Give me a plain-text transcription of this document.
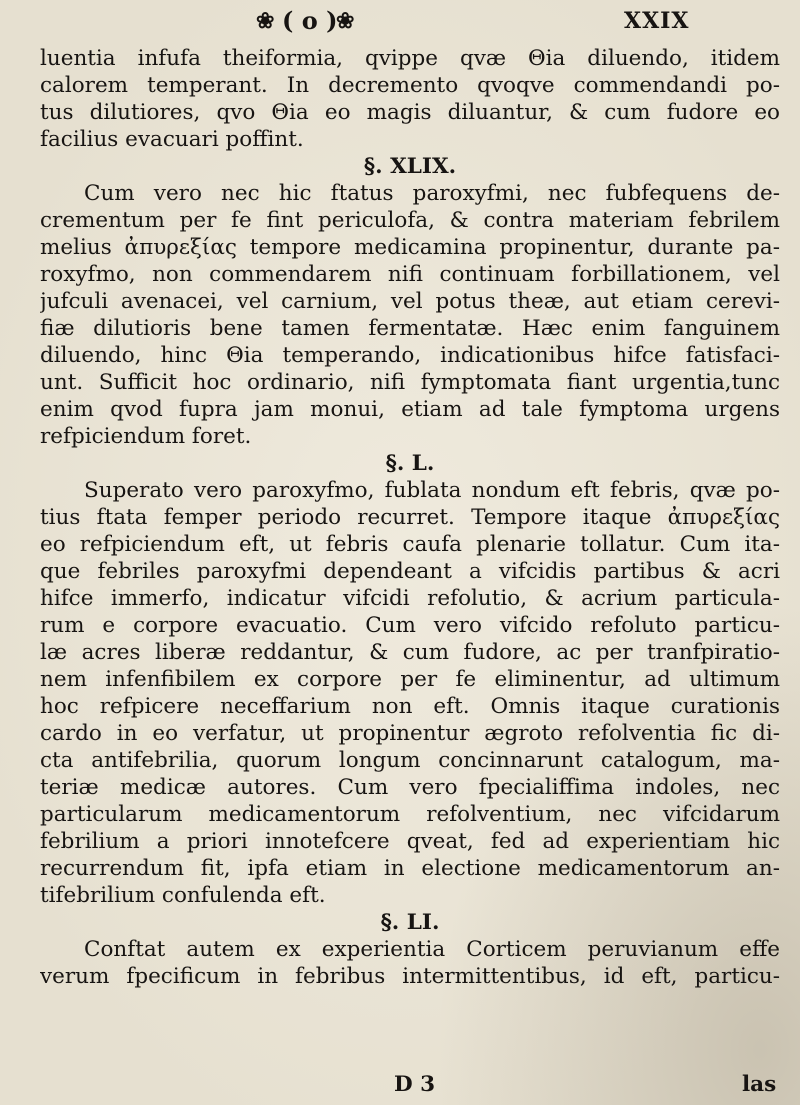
❀ ( o )
❀	XXIX
luentia infufa theiformia, qvippe qvæ Θia diluendo, itidem
calorem temperant. In decremento qvoqve commendandi po-
tus dilutiores, qvo Θia eo magis diluantur, & cum fudore eo
facilius evacuari poffint.
§. XLIX.
Cum vero nec hic ftatus paroxyfmi, nec fubfequens de-
crementum per fe fint periculofa, & contra materiam febrilem
melius ἀπυρεξίας tempore medicamina propinentur, durante pa-
roxyfmo, non commendarem nifi continuam forbillationem, vel
jufculi avenacei, vel carnium, vel potus theæ, aut etiam cerevi-
fiæ dilutioris bene tamen fermentatæ. Hæc enim fanguinem
diluendo, hinc Θia temperando, indicationibus hifce fatisfaci-
unt. Sufficit hoc ordinario, nifi fymptomata fiant urgentia,tunc
enim qvod fupra jam monui, etiam ad tale fymptoma urgens
refpiciendum foret.
§. L.
Superato vero paroxyfmo, fublata nondum eft febris, qvæ po-
tius ftata femper periodo recurret. Tempore itaque ἀπυρεξίας
eo refpiciendum eft, ut febris caufa plenarie tollatur. Cum ita-
que febriles paroxyfmi dependeant a vifcidis partibus & acri
hifce immerfo, indicatur vifcidi refolutio, & acrium particula-
rum e corpore evacuatio. Cum vero vifcido refoluto particu-
læ acres liberæ reddantur, & cum fudore, ac per tranfpiratio-
nem infenfibilem ex corpore per fe eliminentur, ad ultimum
hoc refpicere neceffarium non eft. Omnis itaque curationis
cardo in eo verfatur, ut propinentur ægroto refolventia fic di-
cta antifebrilia, quorum longum concinnarunt catalogum, ma-
teriæ medicæ autores. Cum vero fpecialiffima indoles, nec
particularum medicamentorum refolventium, nec vifcidarum
febrilium a priori innotefcere qveat, fed ad experientiam hic
recurrendum fit, ipfa etiam in electione medicamentorum an-
tifebrilium confulenda eft.
§. LI.
Conftat autem ex experientia Corticem peruvianum effe
verum fpecificum in febribus intermittentibus, id eft, particu-
D 3	las
